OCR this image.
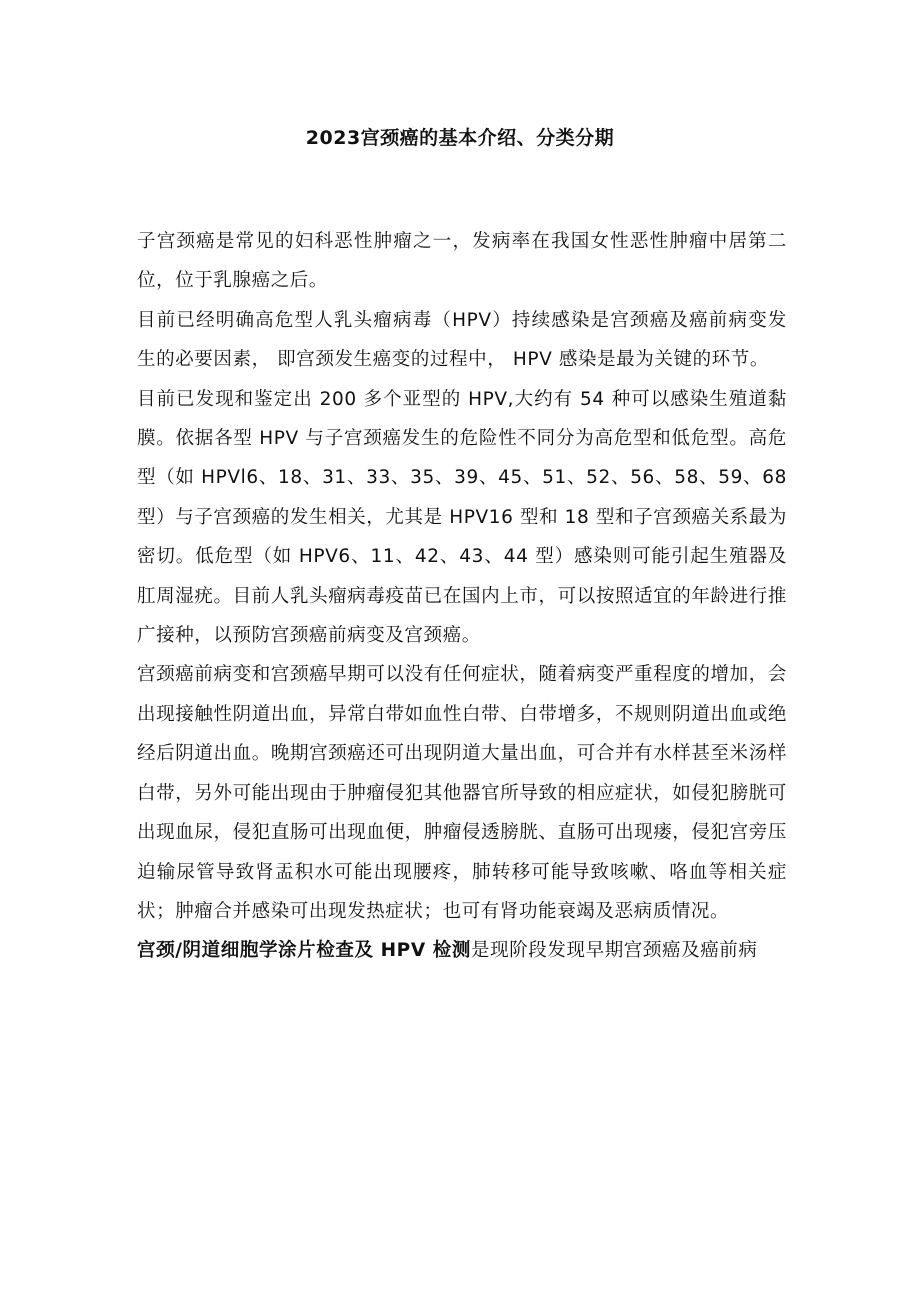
2023宫颈癌的基本介绍、分类分期

子宫颈癌是常见的妇科恶性肿瘤之一，发病率在我国女性恶性肿瘤中居第二位，位于乳腺癌之后。

目前已经明确高危型人乳头瘤病毒（HPV）持续感染是宫颈癌及癌前病变发生的必要因素， 即宫颈发生癌变的过程中， HPV 感染是最为关键的环节。

目前已发现和鉴定出 200 多个亚型的 HPV,大约有 54 种可以感染生殖道黏膜。依据各型 HPV 与子宫颈癌发生的危险性不同分为高危型和低危型。高危型（如 HPVl6、18、31、33、35、39、45、51、52、56、58、59、68 型）与子宫颈癌的发生相关，尤其是 HPV16 型和 18 型和子宫颈癌关系最为密切。低危型（如 HPV6、11、42、43、44 型）感染则可能引起生殖器及肛周湿疣。目前人乳头瘤病毒疫苗已在国内上市，可以按照适宜的年龄进行推广接种，以预防宫颈癌前病变及宫颈癌。

宫颈癌前病变和宫颈癌早期可以没有任何症状，随着病变严重程度的增加，会出现接触性阴道出血，异常白带如血性白带、白带增多，不规则阴道出血或绝经后阴道出血。晚期宫颈癌还可出现阴道大量出血，可合并有水样甚至米汤样白带，另外可能出现由于肿瘤侵犯其他器官所导致的相应症状，如侵犯膀胱可出现血尿，侵犯直肠可出现血便，肿瘤侵透膀胱、直肠可出现瘘，侵犯宫旁压迫输尿管导致肾盂积水可能出现腰疼，肺转移可能导致咳嗽、咯血等相关症状；肿瘤合并感染可出现发热症状；也可有肾功能衰竭及恶病质情况。

宫颈/阴道细胞学涂片检查及 HPV 检测是现阶段发现早期宫颈癌及癌前病
